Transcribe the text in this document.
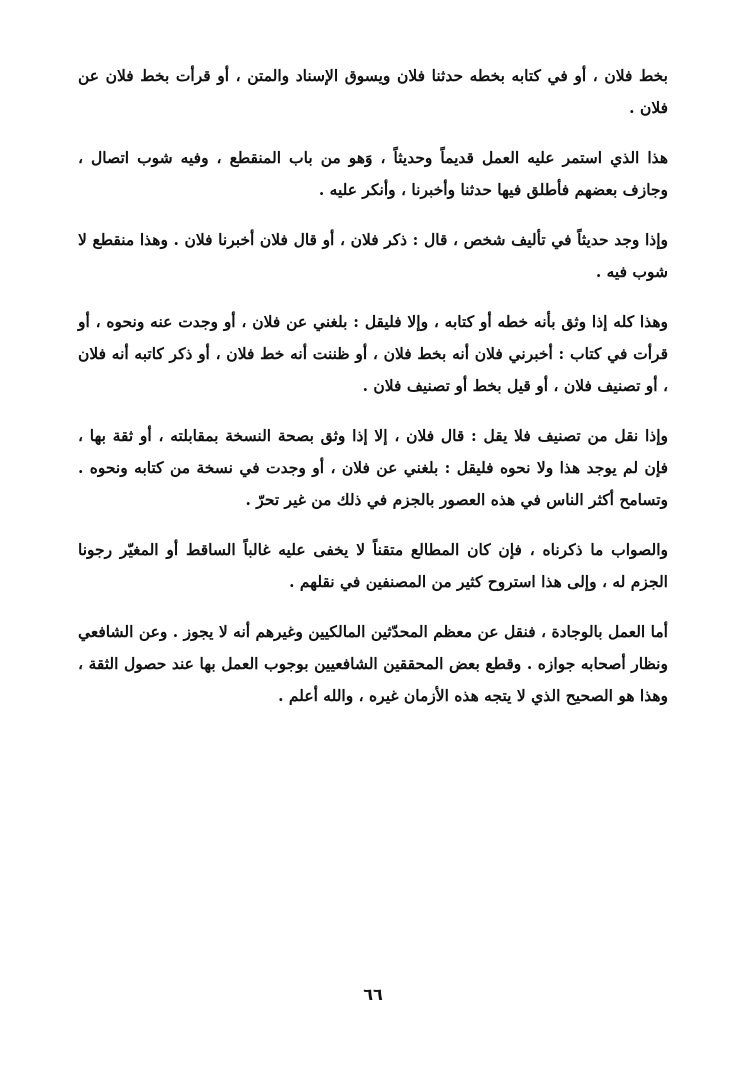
بخط فلان ، أو في كتابه بخطه حدثنا فلان ويسوق الإسناد والمتن ، أو قرأت بخط فلان عن فلان .

هذا الذي استمر عليه العمل قديماً وحديثاً ، وَهو من باب المنقطع ، وفيه شوب اتصال ، وجازف بعضهم فأطلق فيها حدثنا وأخبرنا ، وأنكر عليه .

وإذا وجد حديثاً في تأليف شخص ، قال : ذكر فلان ، أو قال فلان أخبرنا فلان . وهذا منقطع لا شوب فيه .

وهذا كله إذا وثق بأنه خطه أو كتابه ، وإلا فليقل : بلغني عن فلان ، أو وجدت عنه ونحوه ، أو قرأت في كتاب : أخبرني فلان أنه بخط فلان ، أو ظننت أنه خط فلان ، أو ذكر كاتبه أنه فلان ، أو تصنيف فلان ، أو قيل بخط أو تصنيف فلان .

وإذا نقل من تصنيف فلا يقل : قال فلان ، إلا إذا وثق بصحة النسخة بمقابلته ، أو ثقة بها ، فإن لم يوجد هذا ولا نحوه فليقل : بلغني عن فلان ، أو وجدت في نسخة من كتابه ونحوه . وتسامح أكثر الناس في هذه العصور بالجزم في ذلك من غير تحرّ .

والصواب ما ذكرناه ، فإن كان المطالع متقناً لا يخفى عليه غالباً الساقط أو المغيّر رجونا الجزم له ، وإلى هذا استروح كثير من المصنفين في نقلهم .

أما العمل بالوجادة ، فنقل عن معظم المحدّثين المالكيين وغيرهم أنه لا يجوز . وعن الشافعي ونظار أصحابه جوازه . وقطع بعض المحققين الشافعيين بوجوب العمل بها عند حصول الثقة ، وهذا هو الصحيح الذي لا يتجه هذه الأزمان غيره ، والله أعلم .

٦٦
